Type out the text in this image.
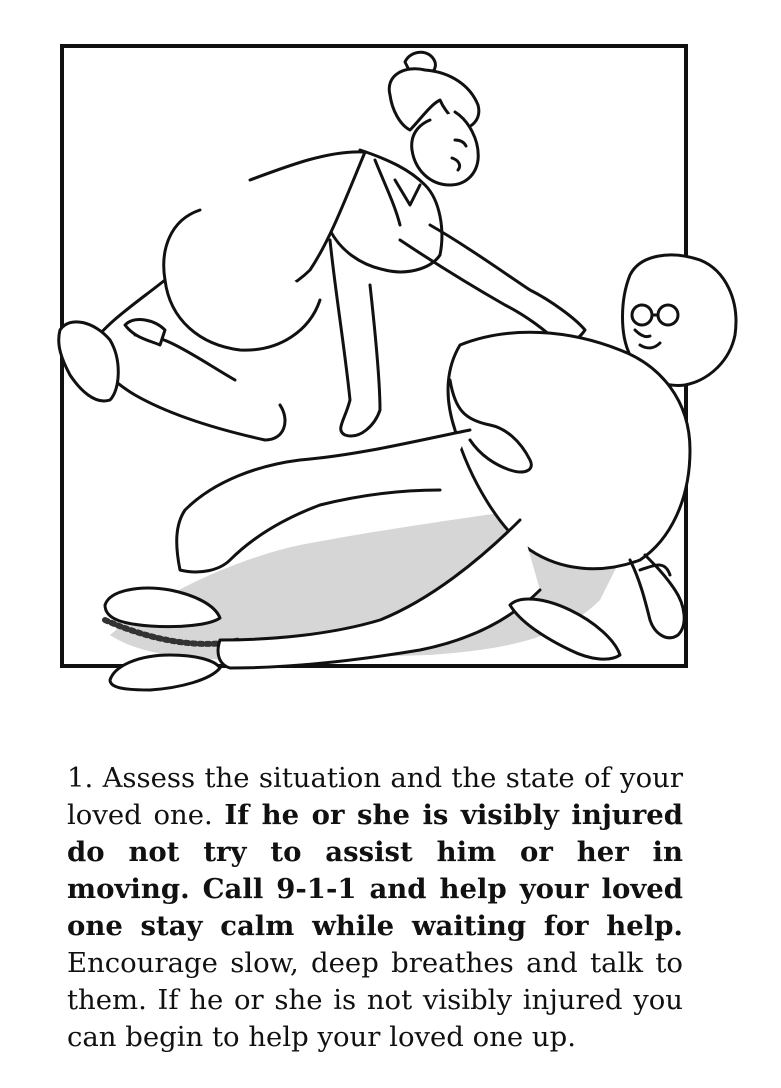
1. Assess the situation and the state of your loved one. If he or she is visibly injured do not try to assist him or her in moving. Call 9-1-1 and help your loved one stay calm while waiting for help. Encourage slow, deep breathes and talk to them. If he or she is not visibly injured you can begin to help your loved one up.
